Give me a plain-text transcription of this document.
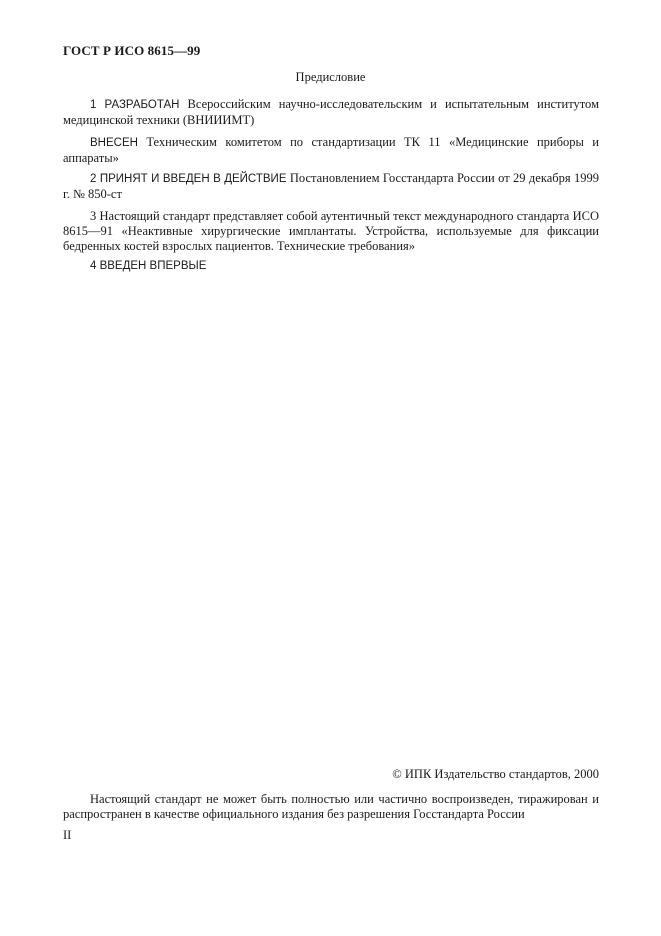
ГОСТ Р ИСО 8615—99
Предисловие
1 РАЗРАБОТАН Всероссийским научно-исследовательским и испытательным институтом медицинской техники (ВНИИИМТ)
ВНЕСЕН Техническим комитетом по стандартизации ТК 11 «Медицинские приборы и аппараты»
2 ПРИНЯТ И ВВЕДЕН В ДЕЙСТВИЕ Постановлением Госстандарта России от 29 декабря 1999 г. № 850-ст
3 Настоящий стандарт представляет собой аутентичный текст международного стандарта ИСО 8615—91 «Неактивные хирургические имплантаты. Устройства, используемые для фиксации бедренных костей взрослых пациентов. Технические требования»
4 ВВЕДЕН ВПЕРВЫЕ
© ИПК Издательство стандартов, 2000
Настоящий стандарт не может быть полностью или частично воспроизведен, тиражирован и распространен в качестве официального издания без разрешения Госстандарта России
II
